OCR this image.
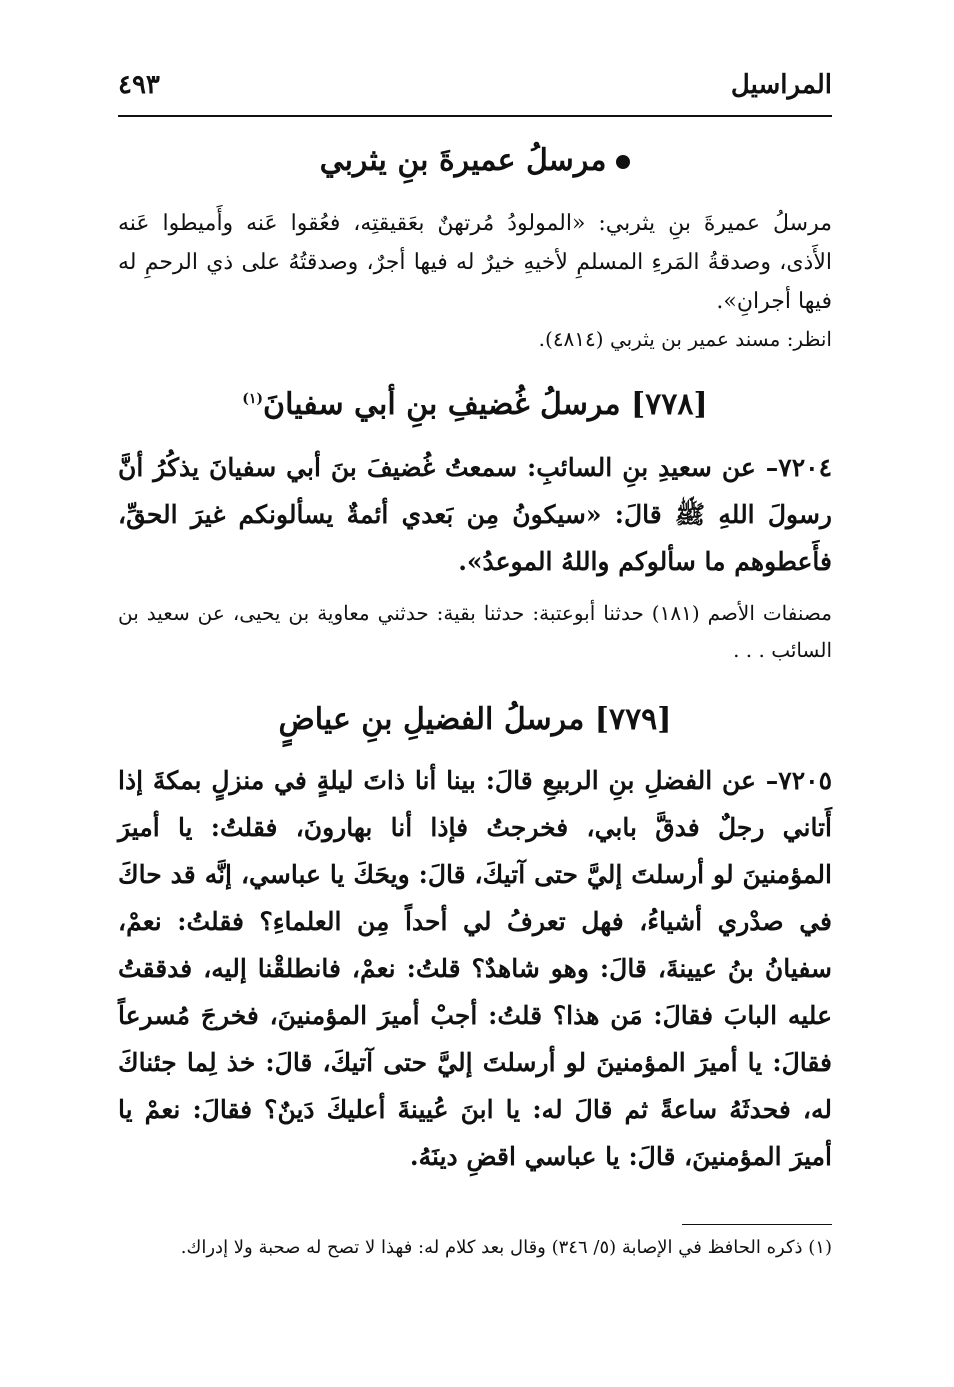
المراسيل
٤٩٣
مرسلُ عميرةَ بنِ يثربي

مرسلُ عميرةَ بنِ يثربي: «المولودُ مُرتهنٌ بعَقيقتِه، فعُقوا عَنه وأَميطوا عَنه الأَذى، وصدقةُ المَرءِ المسلمِ لأخيهِ خيرٌ له فيها أجرٌ، وصدقتُهُ على ذي الرحمِ له فيها أجرانِ».

انظر: مسند عمير بن يثربي (٤٨١٤).

[٧٧٨] مرسلُ غُضيفِ بنِ أبي سفيانَ$^{(١)}$

٧٢٠٤– عن سعيدِ بنِ السائبِ: سمعتُ غُضيفَ بنَ أبي سفيانَ يذكُرُ أنَّ رسولَ اللهِ ﷺ قالَ: «سيكونُ مِن بَعدي أئمةٌ يسألونكم غيرَ الحقِّ، فأَعطوهم ما سألوكم واللهُ الموعدُ».

مصنفات الأصم (١٨١) حدثنا أبوعتبة: حدثنا بقية: حدثني معاوية بن يحيى، عن سعيد بن السائب . . .

[٧٧٩] مرسلُ الفضيلِ بنِ عياضٍ

٧٢٠٥– عن الفضلِ بنِ الربيعِ قالَ: بينا أنا ذاتَ ليلةٍ في منزلٍ بمكةَ إذا أَتاني رجلٌ فدقَّ بابي، فخرجتُ فإذا أنا بهارونَ، فقلتُ: يا أميرَ المؤمنينَ لو أرسلتَ إليَّ حتى آتيكَ، قالَ: ويحَكَ يا عباسي، إنَّه قد حاكَ في صدْري أشياءُ، فهل تعرفُ لي أحداً مِن العلماءِ؟ فقلتُ: نعمْ، سفيانُ بنُ عيينةَ، قالَ: وهو شاهدٌ؟ قلتُ: نعمْ، فانطلقْنا إليه، فدققتُ عليه البابَ فقالَ: مَن هذا؟ قلتُ: أجبْ أميرَ المؤمنينَ، فخرجَ مُسرعاً فقالَ: يا أميرَ المؤمنينَ لو أرسلتَ إليَّ حتى آتيكَ، قالَ: خذ لِما جئناكَ له، فحدثَهُ ساعةً ثم قالَ له: يا ابنَ عُيينةَ أعليكَ دَينٌ؟ فقالَ: نعمْ يا أميرَ المؤمنينَ، قالَ: يا عباسي اقضِ دينَهُ.

(١) ذكره الحافظ في الإصابة (٥/ ٣٤٦) وقال بعد كلام له: فهذا لا تصح له صحبة ولا إدراك.
